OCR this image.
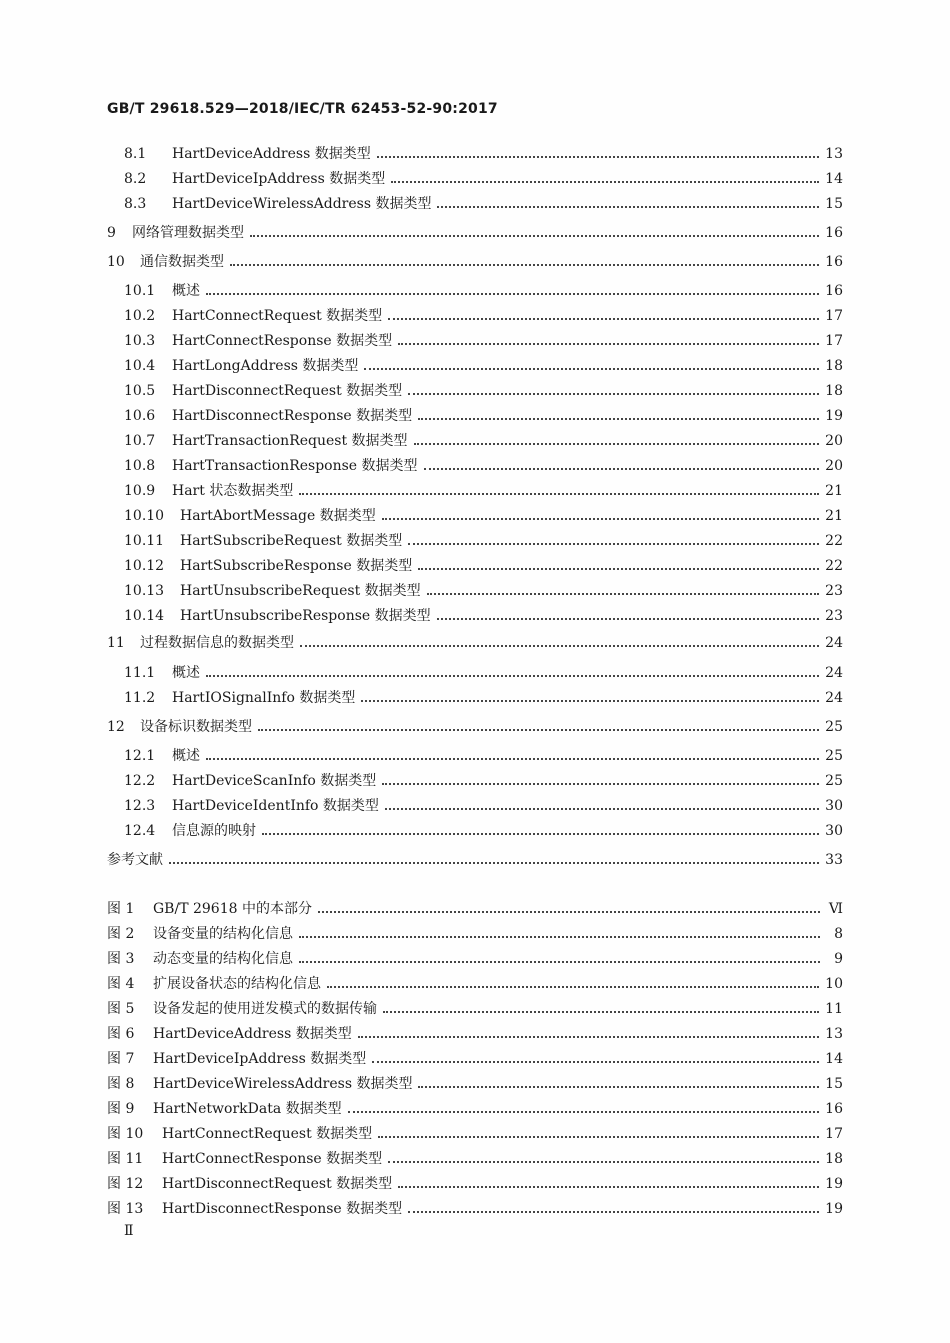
GB/T 29618.529—2018/IEC/TR 62453-52-90:2017
8.1	HartDeviceAddress 数据类型	13
8.2	HartDeviceIpAddress 数据类型	14
8.3	HartDeviceWirelessAddress 数据类型	15
9	网络管理数据类型	16
10	通信数据类型	16
10.1	概述	16
10.2	HartConnectRequest 数据类型	17
10.3	HartConnectResponse 数据类型	17
10.4	HartLongAddress 数据类型	18
10.5	HartDisconnectRequest 数据类型	18
10.6	HartDisconnectResponse 数据类型	19
10.7	HartTransactionRequest 数据类型	20
10.8	HartTransactionResponse 数据类型	20
10.9	Hart 状态数据类型	21
10.10	HartAbortMessage 数据类型	21
10.11	HartSubscribeRequest 数据类型	22
10.12	HartSubscribeResponse 数据类型	22
10.13	HartUnsubscribeRequest 数据类型	23
10.14	HartUnsubscribeResponse 数据类型	23
11	过程数据信息的数据类型	24
11.1	概述	24
11.2	HartIOSignalInfo 数据类型	24
12	设备标识数据类型	25
12.1	概述	25
12.2	HartDeviceScanInfo 数据类型	25
12.3	HartDeviceIdentInfo 数据类型	30
12.4	信息源的映射	30
参考文献	33
图 1	GB/T 29618 中的本部分	Ⅵ
图 2	设备变量的结构化信息	8
图 3	动态变量的结构化信息	9
图 4	扩展设备状态的结构化信息	10
图 5	设备发起的使用迸发模式的数据传输	11
图 6	HartDeviceAddress 数据类型	13
图 7	HartDeviceIpAddress 数据类型	14
图 8	HartDeviceWirelessAddress 数据类型	15
图 9	HartNetworkData 数据类型	16
图 10	HartConnectRequest 数据类型	17
图 11	HartConnectResponse 数据类型	18
图 12	HartDisconnectRequest 数据类型	19
图 13	HartDisconnectResponse 数据类型	19
Ⅱ
